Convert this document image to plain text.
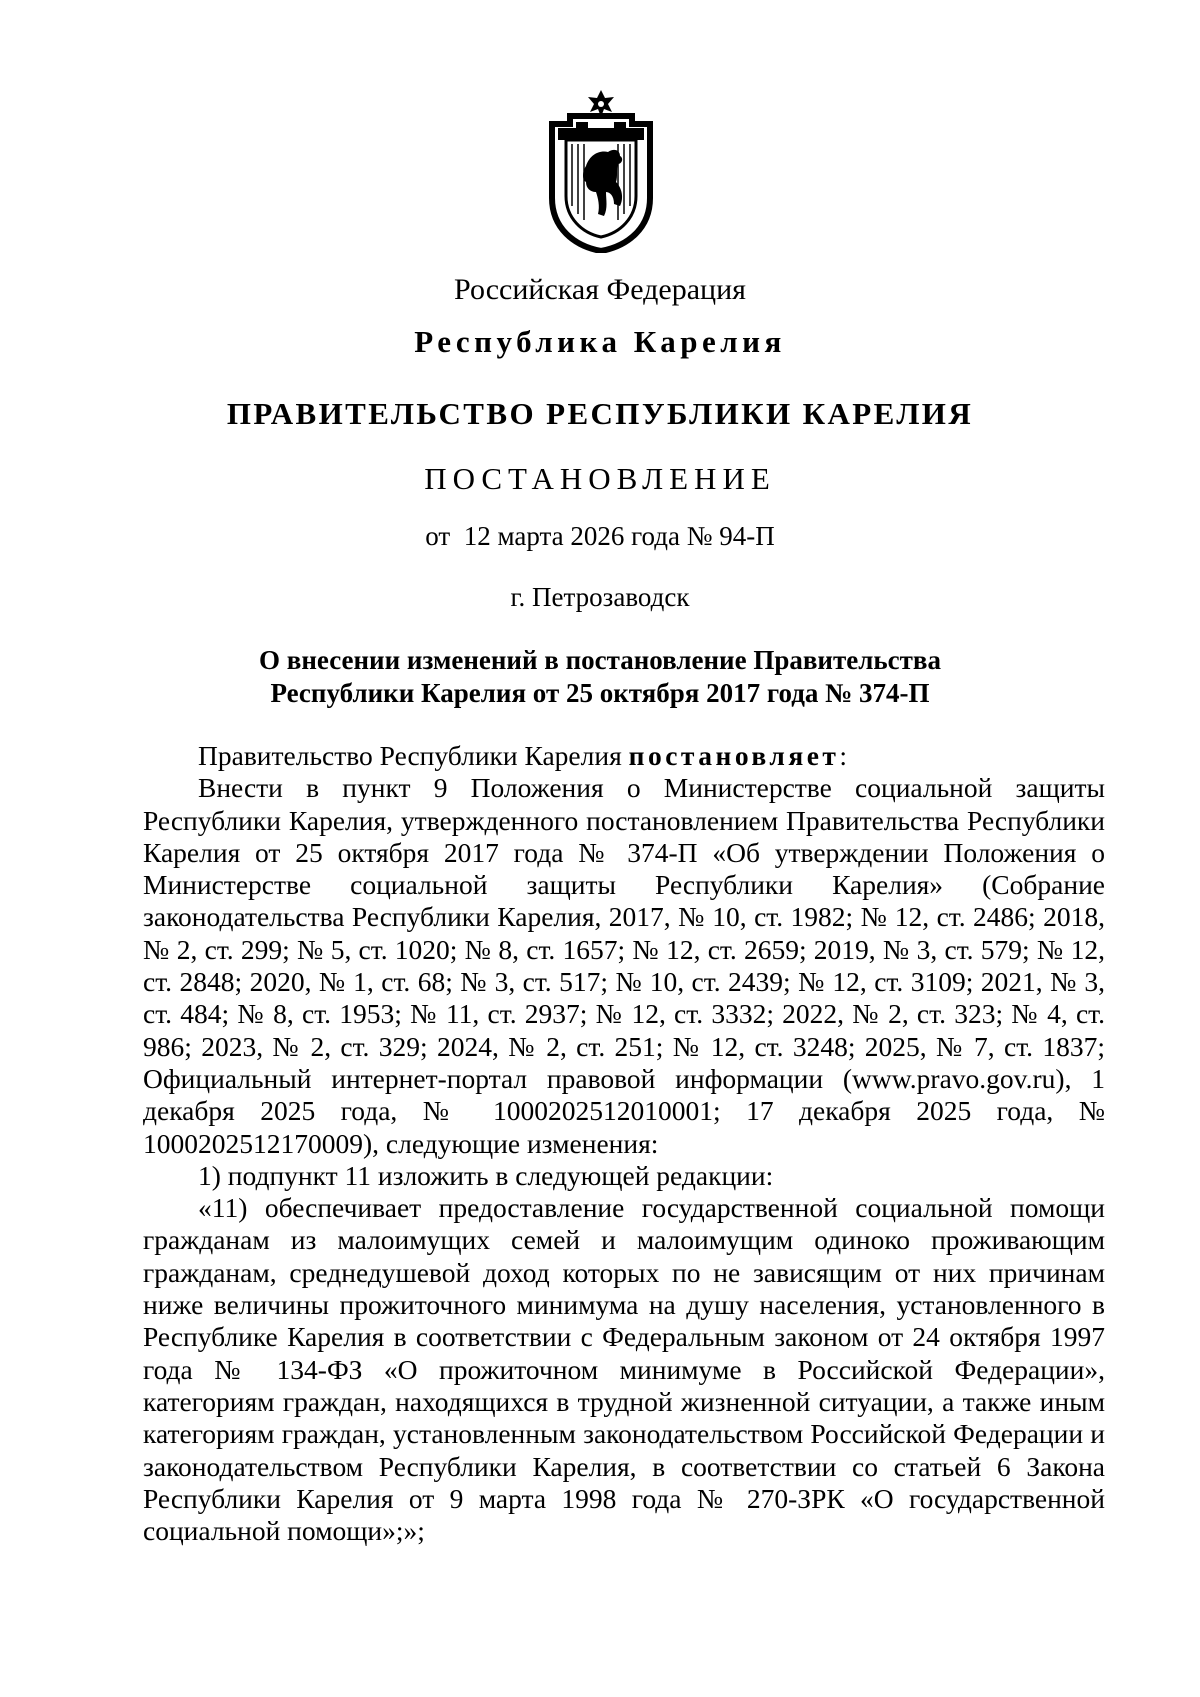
Российская Федерация
Республика Карелия
ПРАВИТЕЛЬСТВО РЕСПУБЛИКИ КАРЕЛИЯ
ПОСТАНОВЛЕНИЕ
от  12 марта 2026 года № 94-П
г. Петрозаводск
О внесении изменений в постановление Правительства
Республики Карелия от 25 октября 2017 года № 374-П

Правительство Республики Карелия постановляет:

Внести в пункт 9 Положения о Министерстве социальной защиты Республики Карелия, утвержденного постановлением Правительства Республики Карелия от 25 октября 2017 года № 374-П «Об утверждении Положения о Министерстве социальной защиты Республики Карелия» (Собрание законодательства Республики Карелия, 2017, № 10, ст. 1982; № 12, ст. 2486; 2018, № 2, ст. 299; № 5, ст. 1020; № 8, ст. 1657; № 12, ст. 2659; 2019, № 3, ст. 579; № 12, ст. 2848; 2020, № 1, ст. 68; № 3, ст. 517; № 10, ст. 2439; № 12, ст. 3109; 2021, № 3, ст. 484; № 8, ст. 1953; № 11, ст. 2937; № 12, ст. 3332; 2022, № 2, ст. 323; № 4, ст. 986; 2023, № 2, ст. 329; 2024, № 2, ст. 251; № 12, ст. 3248; 2025, № 7, ст. 1837; Официальный интернет-портал правовой информации (www.pravo.gov.ru), 1 декабря 2025 года, № 1000202512010001; 17 декабря 2025 года, № 1000202512170009), следующие изменения:

1) подпункт 11 изложить в следующей редакции:

«11) обеспечивает предоставление государственной социальной помощи гражданам из малоимущих семей и малоимущим одиноко проживающим гражданам, среднедушевой доход которых по не зависящим от них причинам ниже величины прожиточного минимума на душу населения, установленного в Республике Карелия в соответствии с Федеральным законом от 24 октября 1997 года № 134-ФЗ «О прожиточном минимуме в Российской Федерации», категориям граждан, находящихся в трудной жизненной ситуации, а также иным категориям граждан, установленным законодательством Российской Федерации и законодательством Республики Карелия, в соответствии со статьей 6 Закона Республики Карелия от 9 марта 1998 года № 270-ЗРК «О государственной социальной помощи»;»;
